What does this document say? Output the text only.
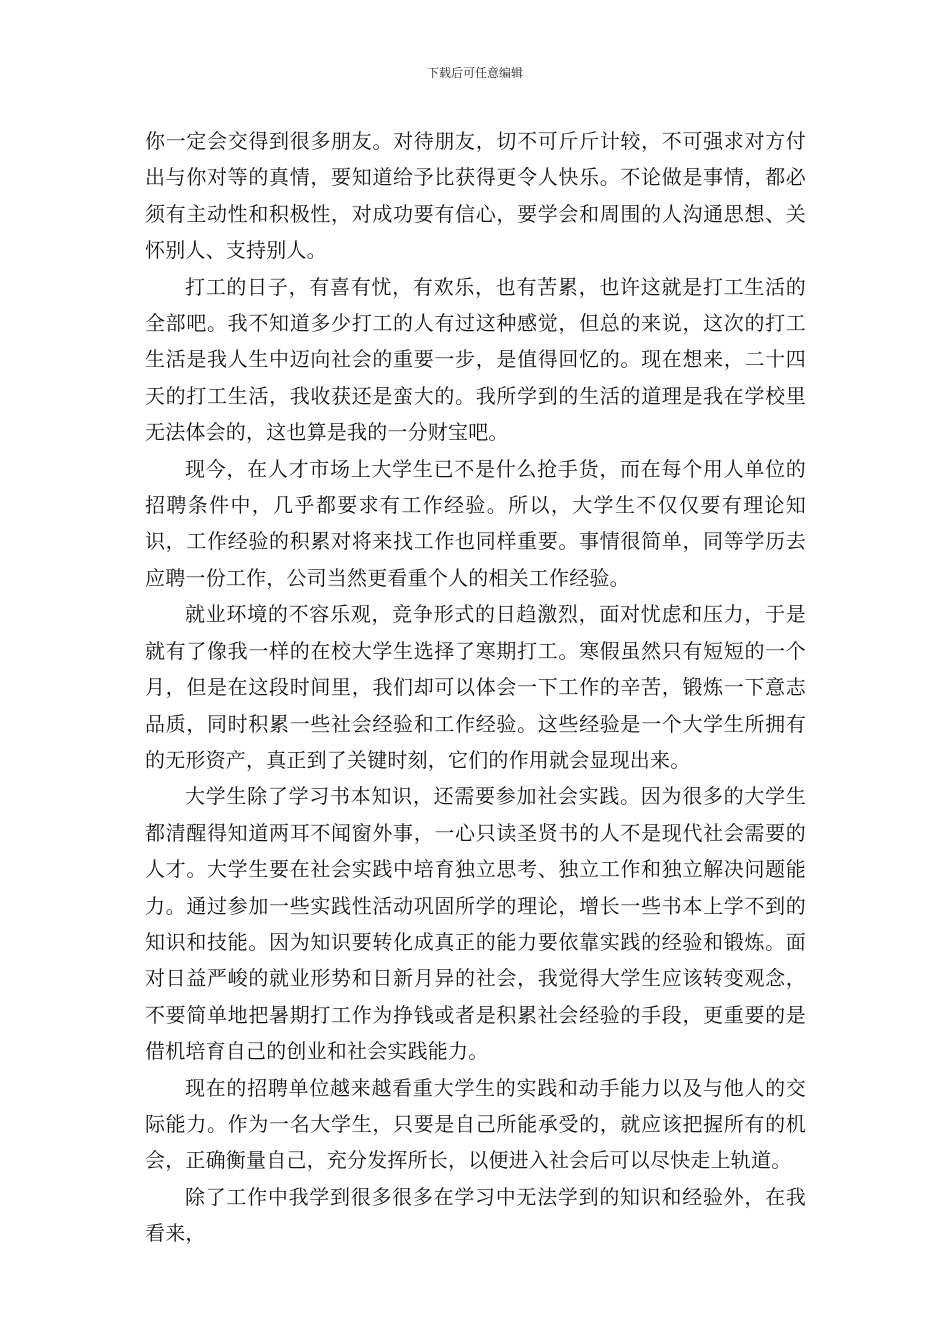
下载后可任意编辑

你一定会交得到很多朋友。对待朋友，切不可斤斤计较，不可强求对方付出与你对等的真情，要知道给予比获得更令人快乐。不论做是事情，都必须有主动性和积极性，对成功要有信心，要学会和周围的人沟通思想、关怀别人、支持别人。

打工的日子，有喜有忧，有欢乐，也有苦累，也许这就是打工生活的全部吧。我不知道多少打工的人有过这种感觉，但总的来说，这次的打工生活是我人生中迈向社会的重要一步，是值得回忆的。现在想来，二十四天的打工生活，我收获还是蛮大的。我所学到的生活的道理是我在学校里无法体会的，这也算是我的一分财宝吧。

现今，在人才市场上大学生已不是什么抢手货，而在每个用人单位的招聘条件中，几乎都要求有工作经验。所以，大学生不仅仅要有理论知识，工作经验的积累对将来找工作也同样重要。事情很简单，同等学历去应聘一份工作，公司当然更看重个人的相关工作经验。

就业环境的不容乐观，竞争形式的日趋激烈，面对忧虑和压力，于是就有了像我一样的在校大学生选择了寒期打工。寒假虽然只有短短的一个月，但是在这段时间里，我们却可以体会一下工作的辛苦，锻炼一下意志品质，同时积累一些社会经验和工作经验。这些经验是一个大学生所拥有的无形资产，真正到了关键时刻，它们的作用就会显现出来。

大学生除了学习书本知识，还需要参加社会实践。因为很多的大学生都清醒得知道两耳不闻窗外事，一心只读圣贤书的人不是现代社会需要的人才。大学生要在社会实践中培育独立思考、独立工作和独立解决问题能力。通过参加一些实践性活动巩固所学的理论，增长一些书本上学不到的知识和技能。因为知识要转化成真正的能力要依靠实践的经验和锻炼。面对日益严峻的就业形势和日新月异的社会，我觉得大学生应该转变观念，不要简单地把暑期打工作为挣钱或者是积累社会经验的手段，更重要的是借机培育自己的创业和社会实践能力。

现在的招聘单位越来越看重大学生的实践和动手能力以及与他人的交际能力。作为一名大学生，只要是自己所能承受的，就应该把握所有的机会，正确衡量自己，充分发挥所长，以便进入社会后可以尽快走上轨道。

除了工作中我学到很多很多在学习中无法学到的知识和经验外，在我看来，
